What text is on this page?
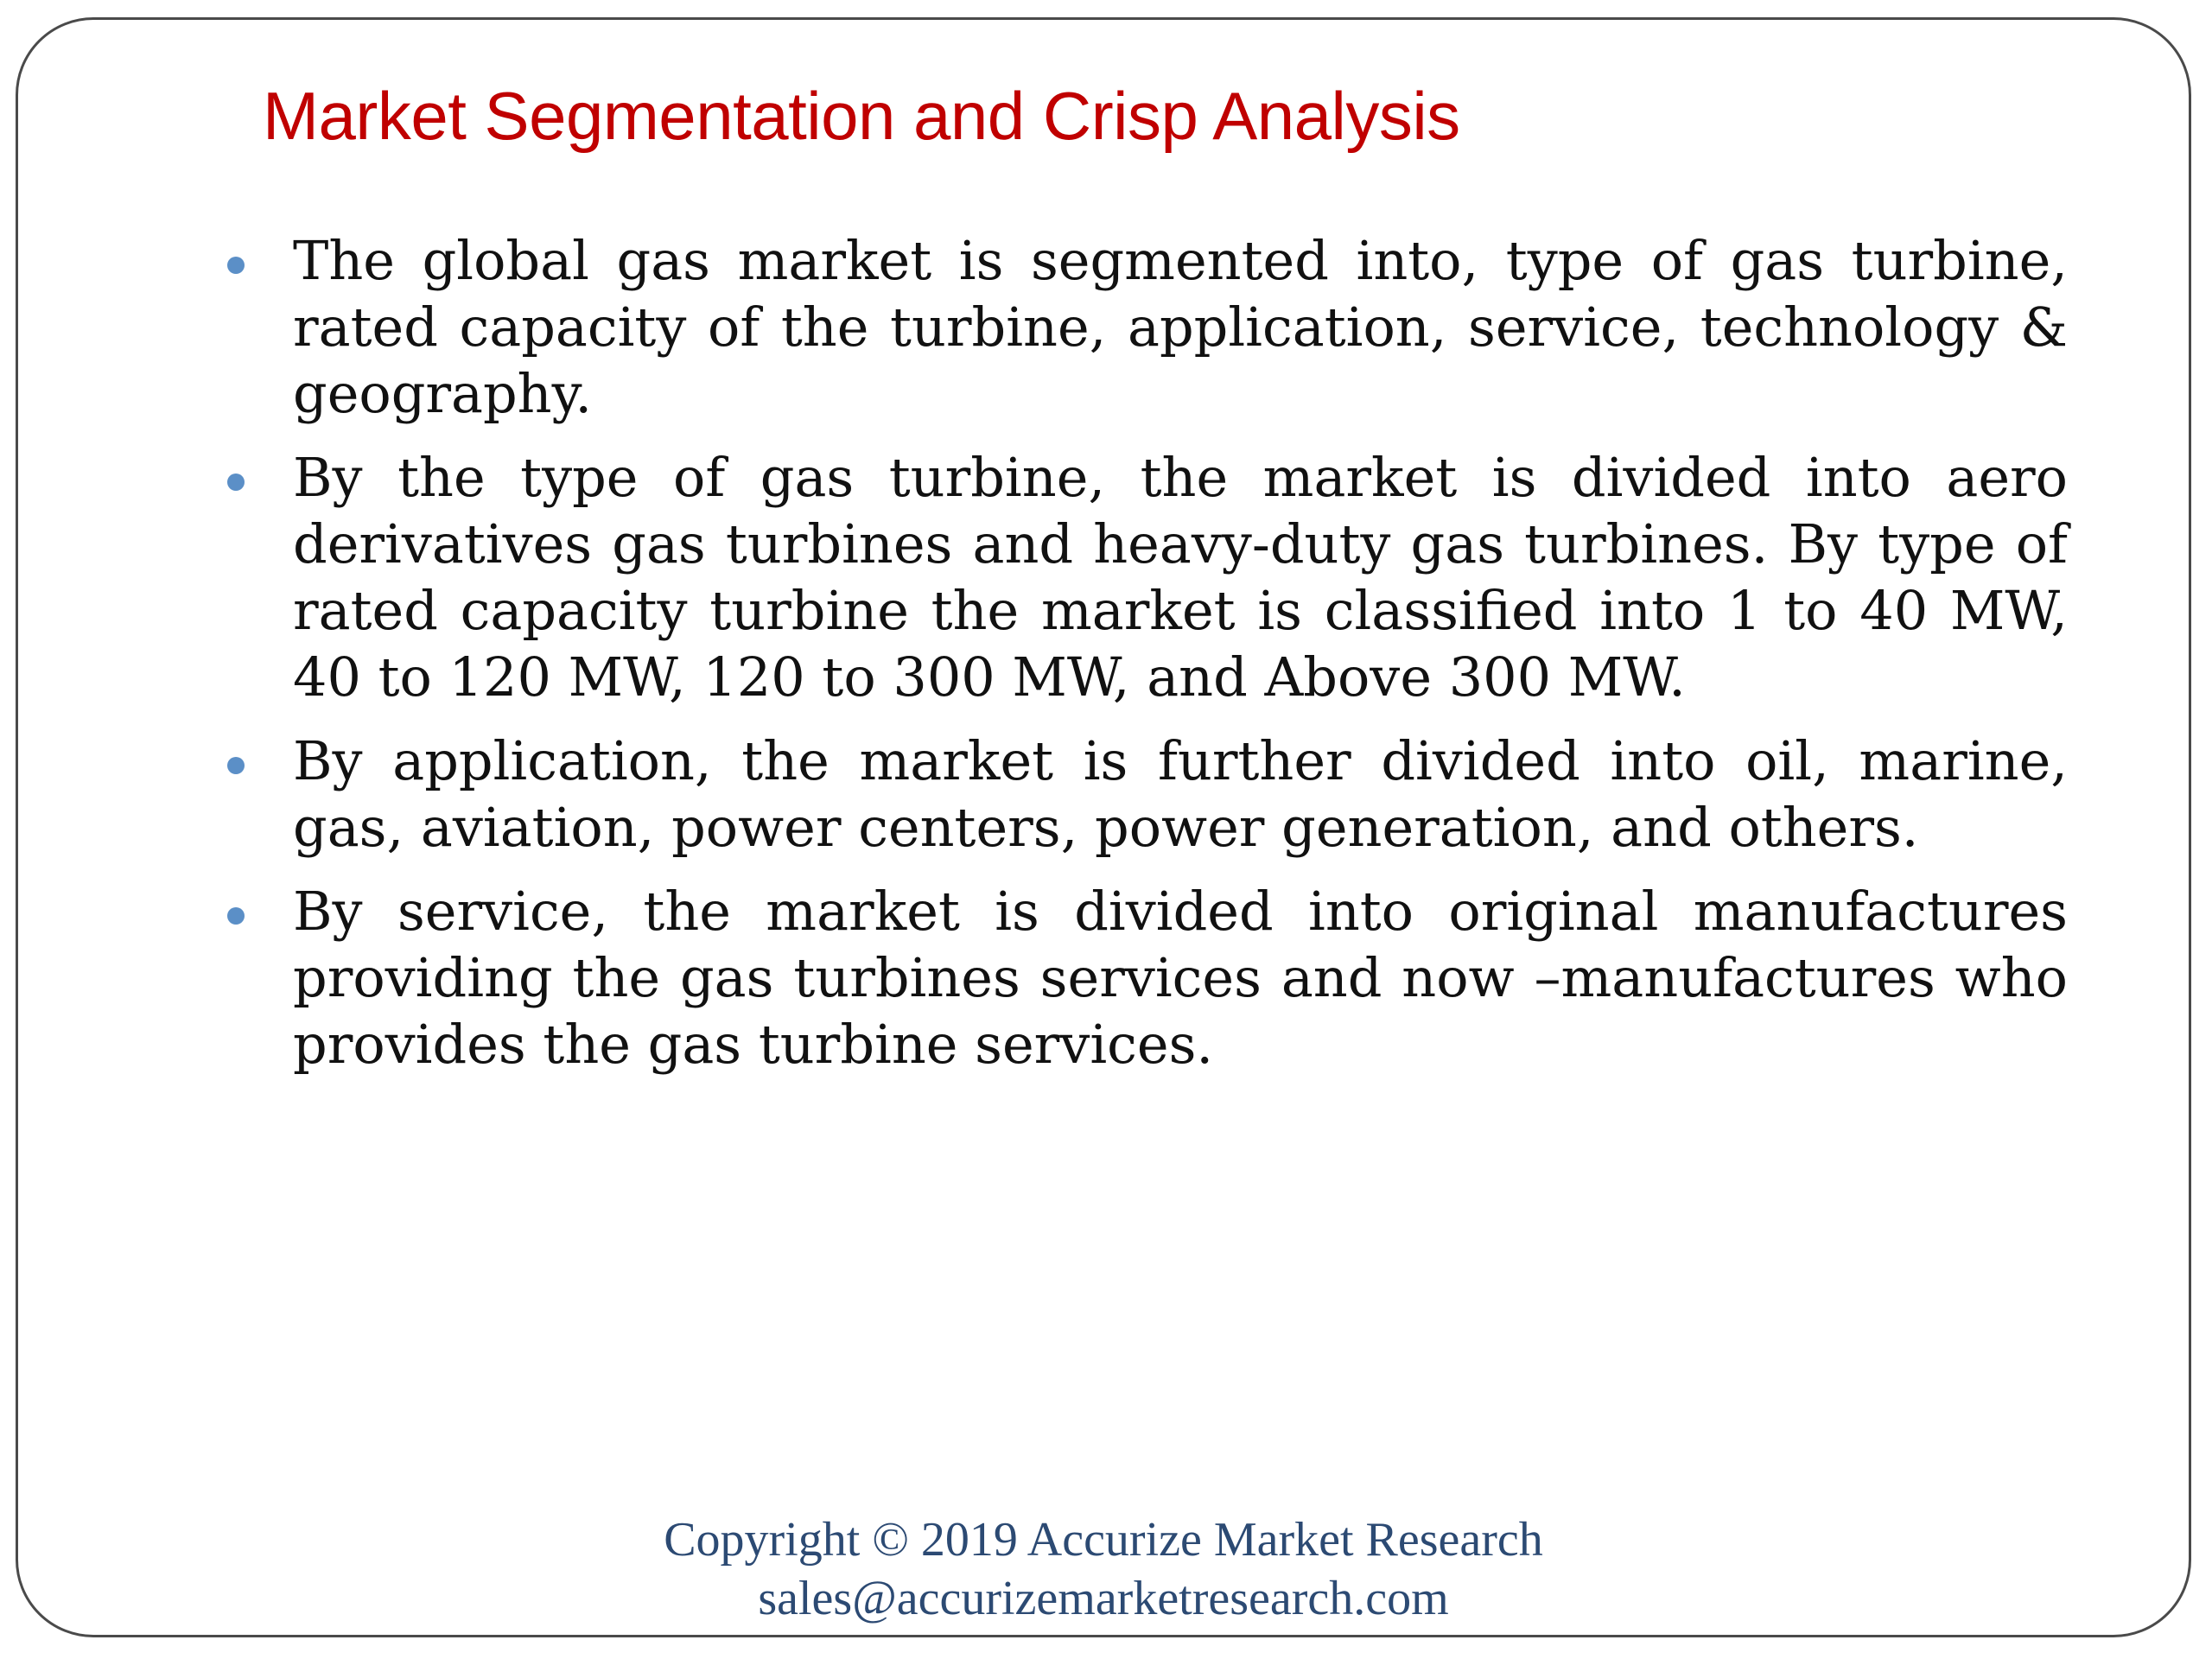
Market Segmentation and Crisp Analysis
The global gas market is segmented into, type of gas turbine, rated capacity of the turbine, application, service, technology & geography.
By the type of gas turbine, the market is divided into aero derivatives gas turbines and heavy-duty gas turbines. By type of rated capacity turbine the market is classified into 1 to 40 MW, 40 to 120 MW, 120 to 300 MW, and Above 300 MW.
By application, the market is further divided into oil, marine, gas, aviation, power centers, power generation, and others.
By service, the market is divided into original manufactures providing the gas turbines services and now –manufactures who provides the gas turbine services.
Copyright © 2019 Accurize Market Research
sales@accurizemarketresearch.com
